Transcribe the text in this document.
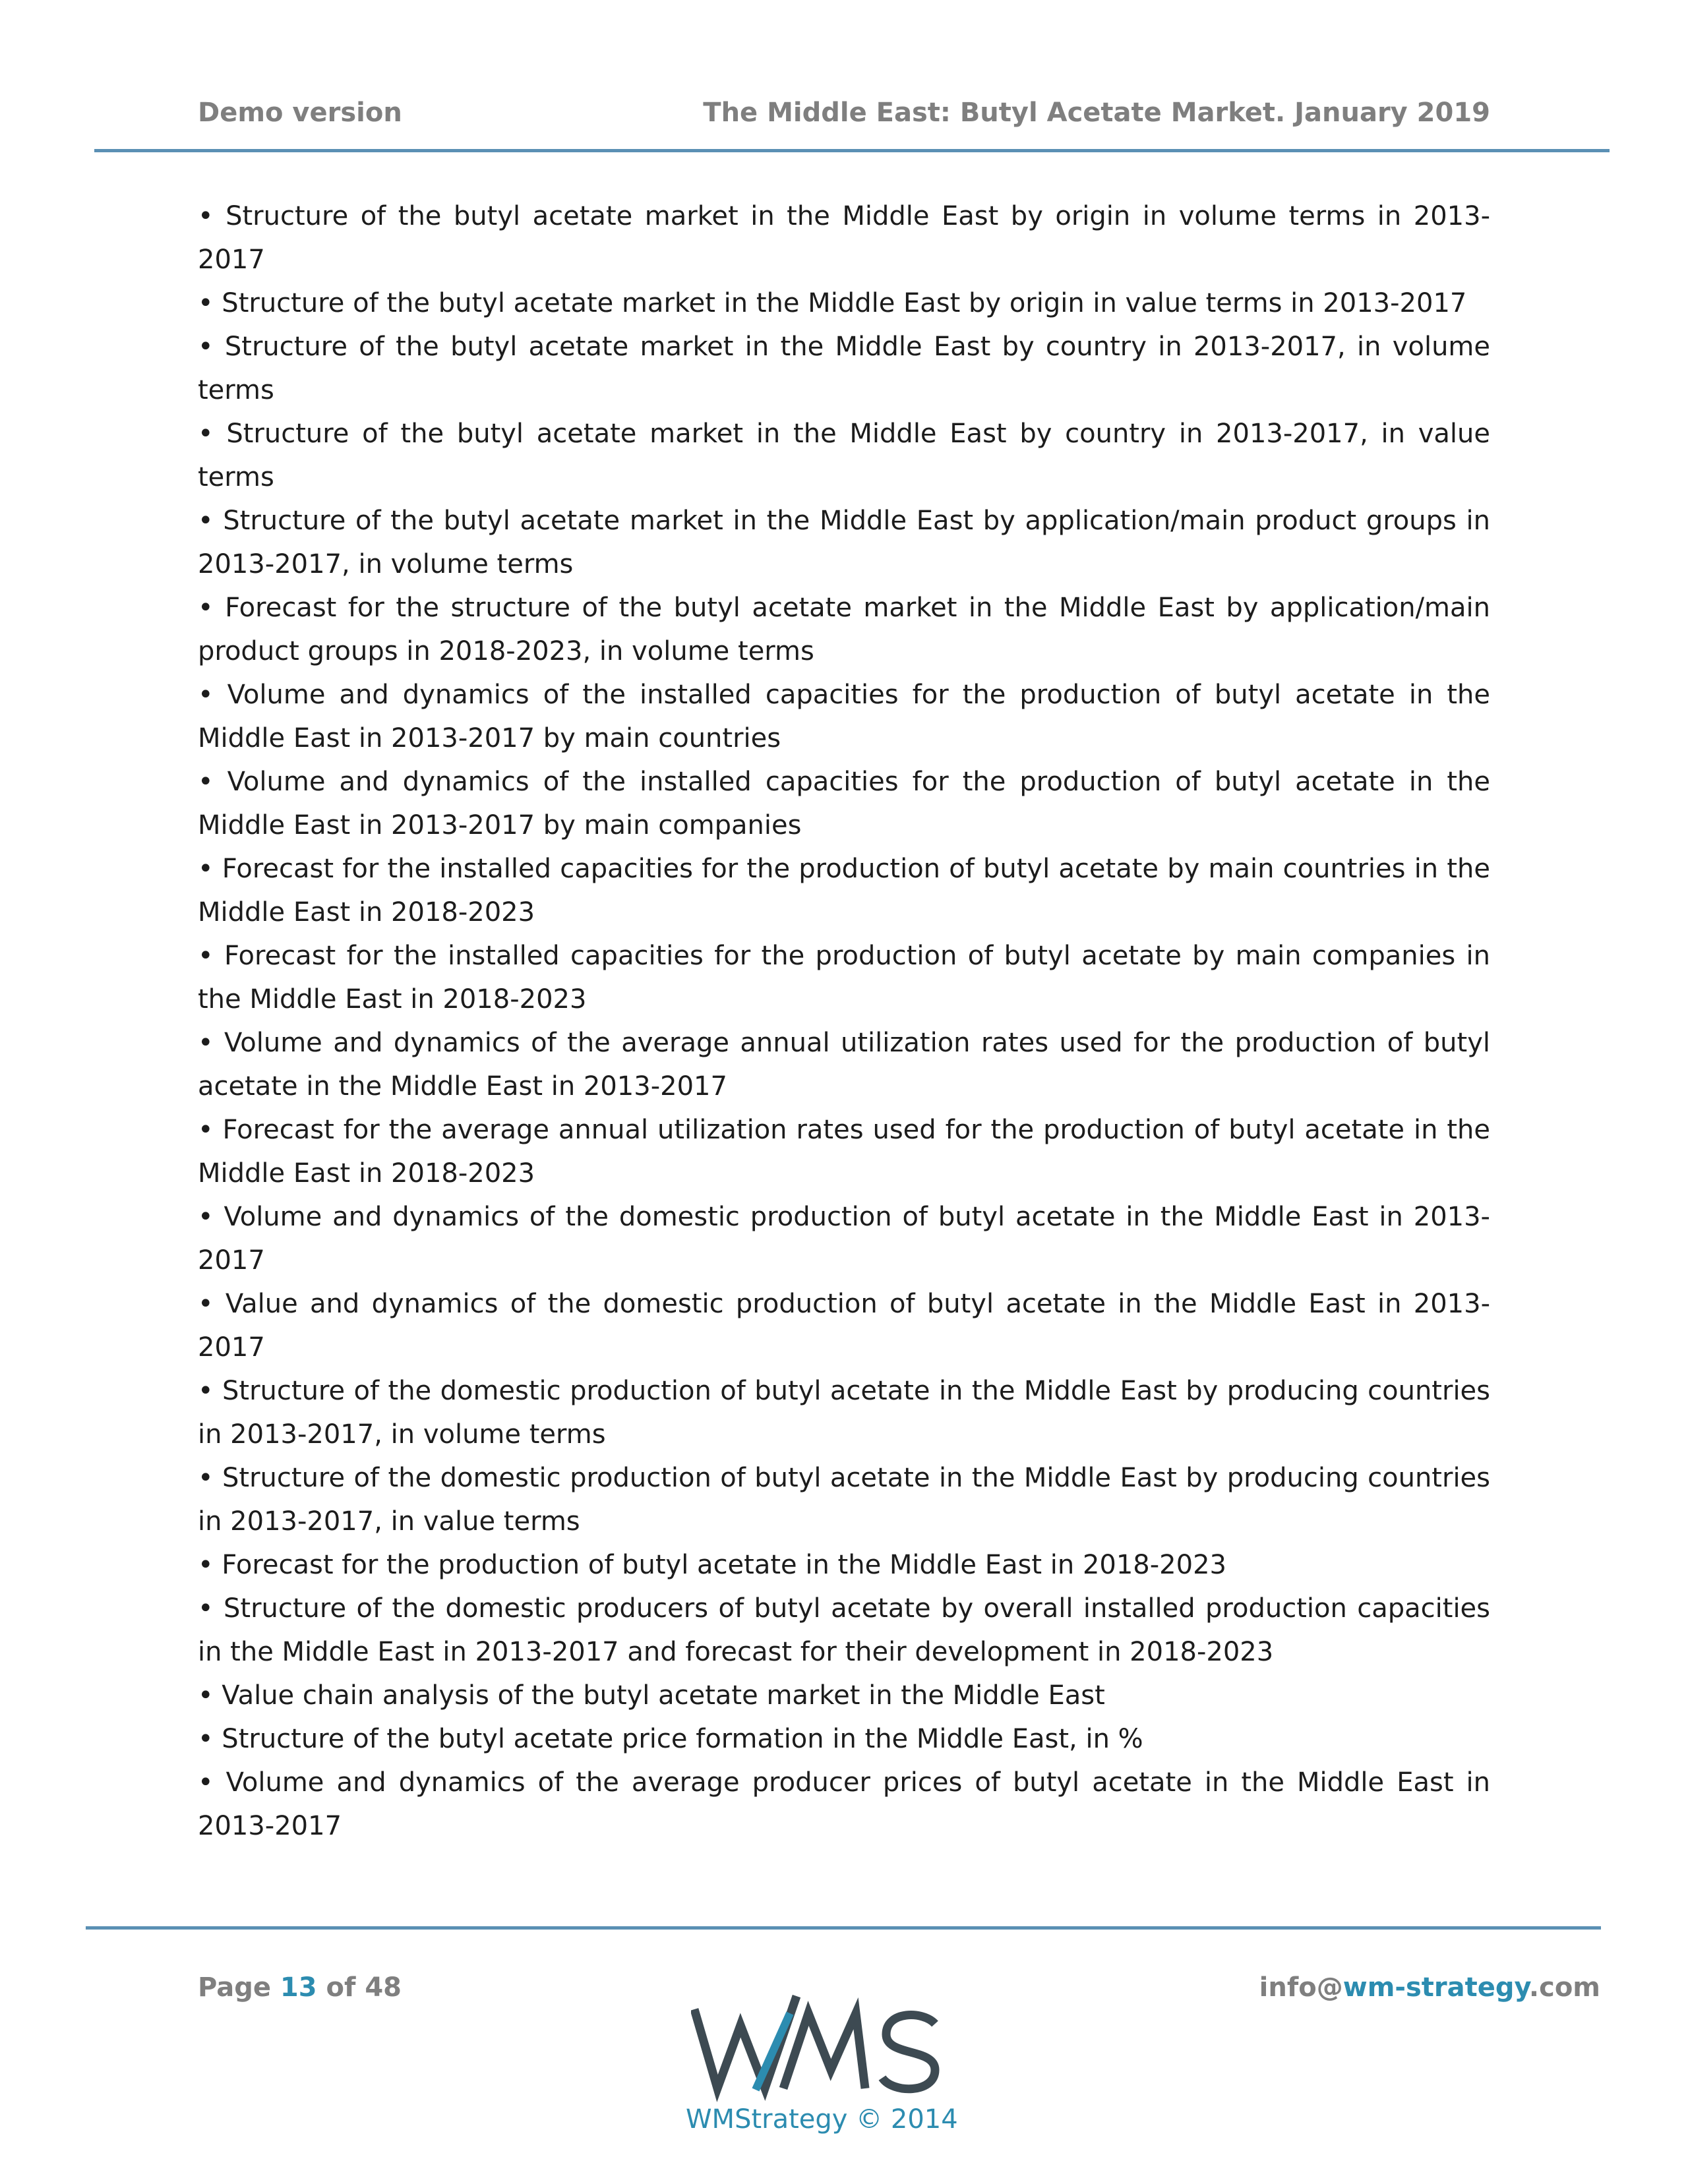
Demo version	The Middle East: Butyl Acetate Market. January 2019
• Structure of the butyl acetate market in the Middle East by origin in volume terms in 2013-2017
• Structure of the butyl acetate market in the Middle East by origin in value terms in 2013-2017
• Structure of the butyl acetate market in the Middle East by country in 2013-2017, in volume terms
• Structure of the butyl acetate market in the Middle East by country in 2013-2017, in value terms
• Structure of the butyl acetate market in the Middle East by application/main product groups in 2013-2017, in volume terms
• Forecast for the structure of the butyl acetate market in the Middle East by application/main product groups in 2018-2023, in volume terms
• Volume and dynamics of the installed capacities for the production of butyl acetate in the Middle East in 2013-2017 by main countries
• Volume and dynamics of the installed capacities for the production of butyl acetate in the Middle East in 2013-2017 by main companies
• Forecast for the installed capacities for the production of butyl acetate by main countries in the Middle East in 2018-2023
• Forecast for the installed capacities for the production of butyl acetate by main companies in the Middle East in 2018-2023
• Volume and dynamics of the average annual utilization rates used for the production of butyl acetate in the Middle East in 2013-2017
• Forecast for the average annual utilization rates used for the production of butyl acetate in the Middle East in 2018-2023
• Volume and dynamics of the domestic production of butyl acetate in the Middle East in 2013-2017
• Value and dynamics of the domestic production of butyl acetate in the Middle East in 2013-2017
• Structure of the domestic production of butyl acetate in the Middle East by producing countries in 2013-2017, in volume terms
• Structure of the domestic production of butyl acetate in the Middle East by producing countries in 2013-2017, in value terms
• Forecast for the production of butyl acetate in the Middle East in 2018-2023
• Structure of the domestic producers of butyl acetate by overall installed production capacities in the Middle East in 2013-2017 and forecast for their development in 2018-2023
• Value chain analysis of the butyl acetate market in the Middle East
• Structure of the butyl acetate price formation in the Middle East, in %
• Volume and dynamics of the average producer prices of butyl acetate in the Middle East in 2013-2017
Page 13 of 48	info@wm-strategy.com
WMStrategy © 2014
